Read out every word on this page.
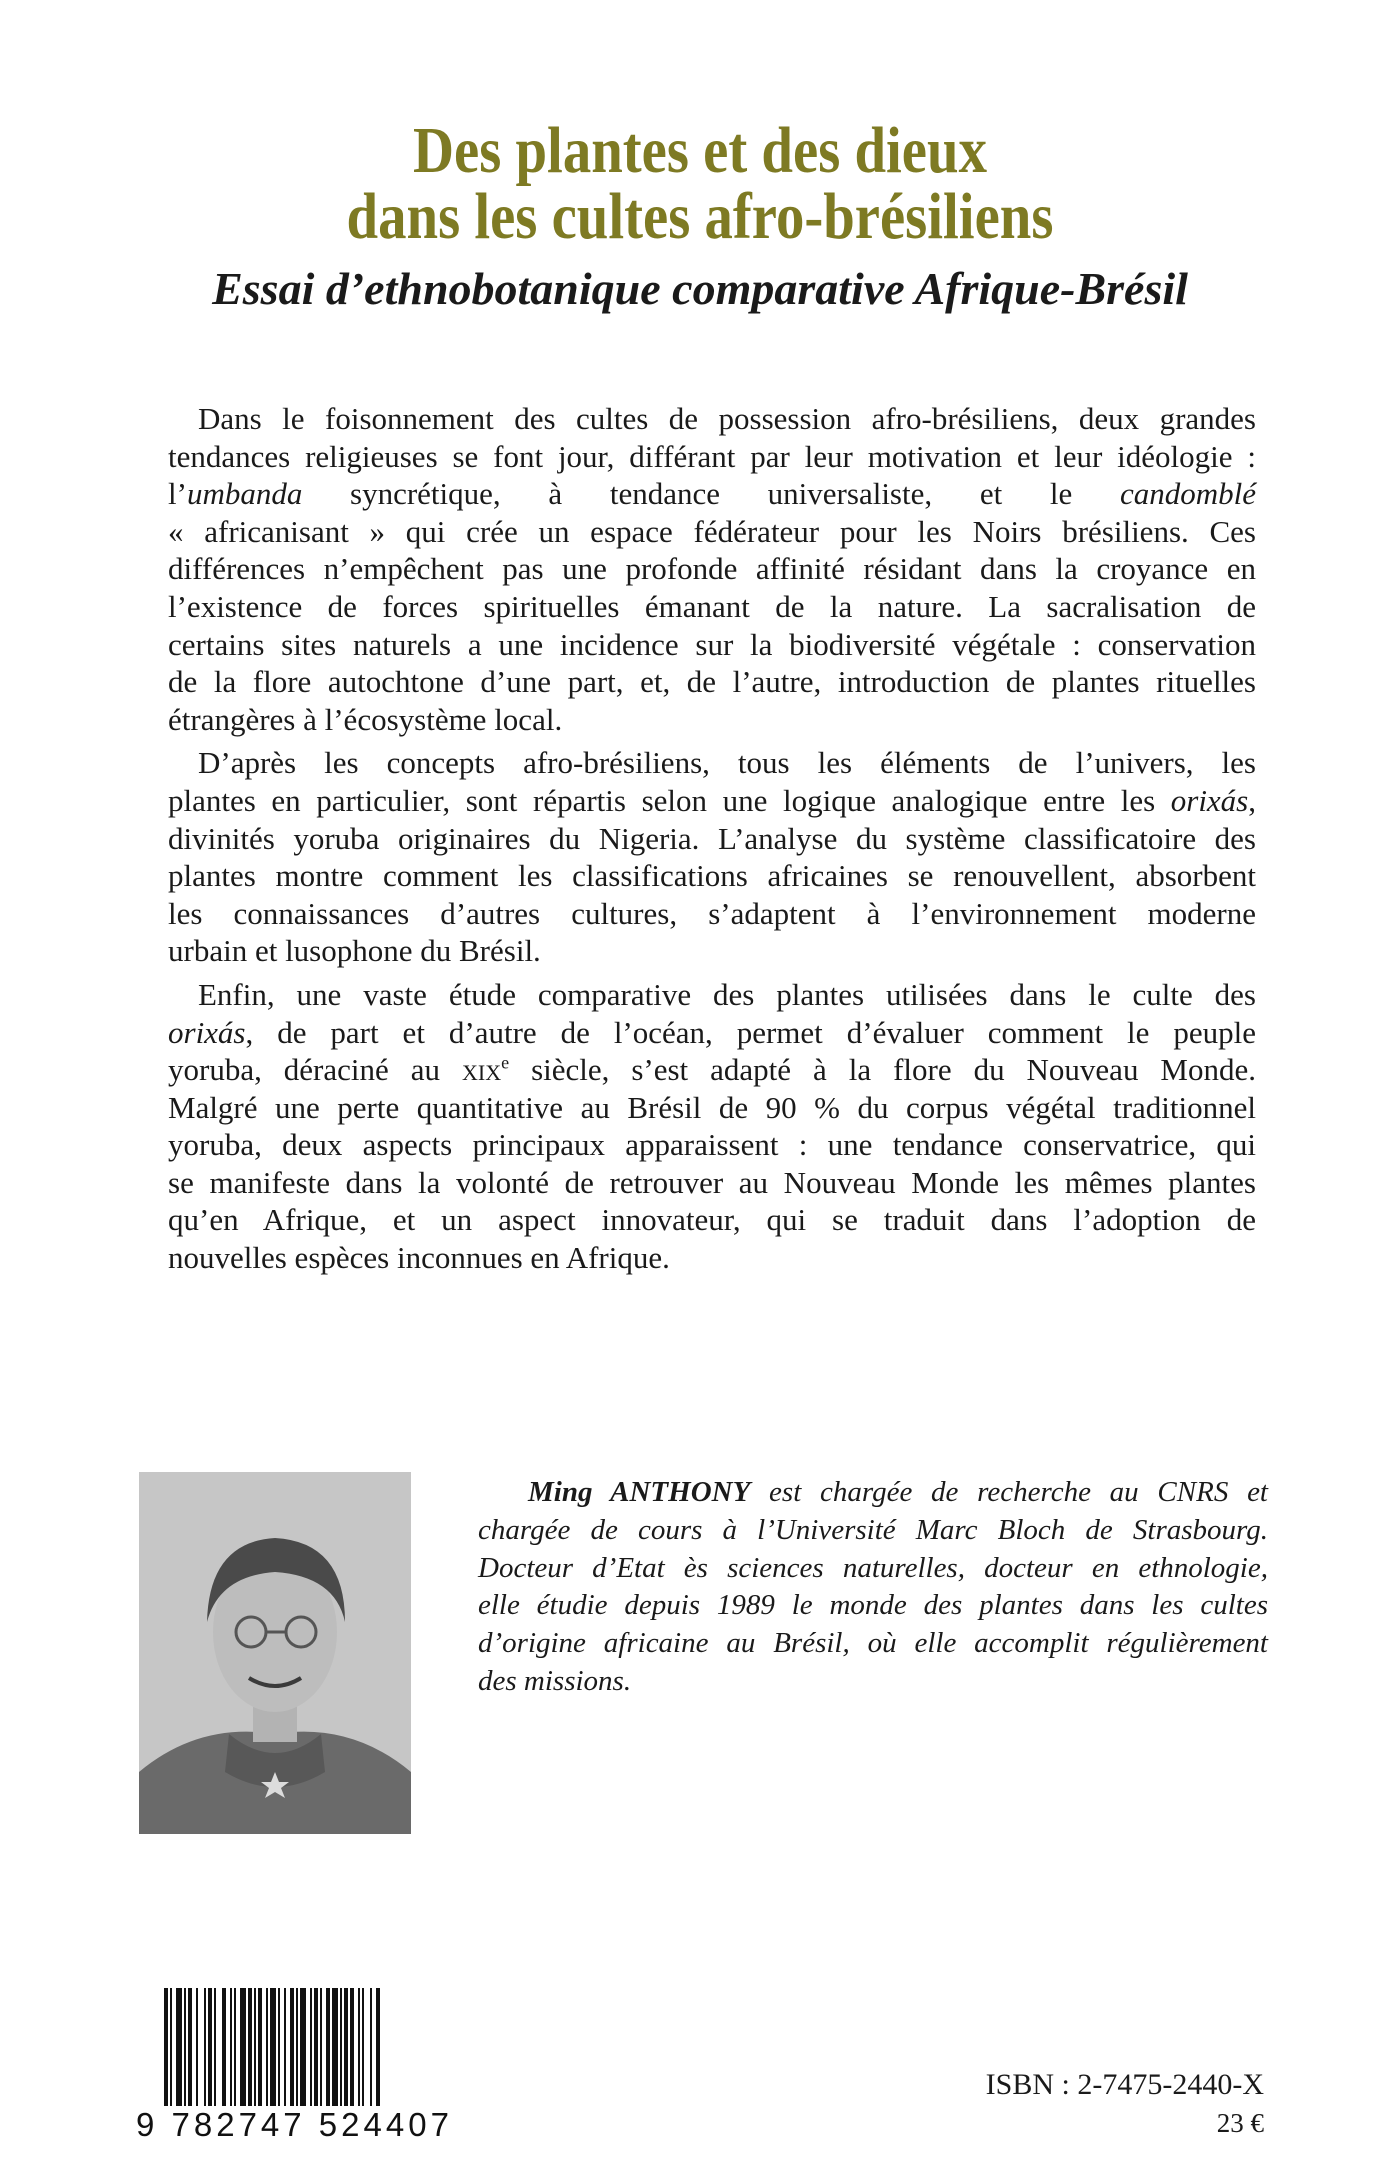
Des plantes et des dieux
dans les cultes afro-brésiliens
Essai d’ethnobotanique comparative Afrique-Brésil

Dans le foisonnement des cultes de possession afro-brésiliens, deux grandes
tendances religieuses se font jour, différant par leur motivation et leur idéologie :
l’umbanda syncrétique, à tendance universaliste, et le candomblé
« africanisant » qui crée un espace fédérateur pour les Noirs brésiliens. Ces
différences n’empêchent pas une profonde affinité résidant dans la croyance en
l’existence de forces spirituelles émanant de la nature. La sacralisation de
certains sites naturels a une incidence sur la biodiversité végétale : conservation
de la flore autochtone d’une part, et, de l’autre, introduction de plantes rituelles
étrangères à l’écosystème local.

D’après les concepts afro-brésiliens, tous les éléments de l’univers, les
plantes en particulier, sont répartis selon une logique analogique entre les orixás,
divinités yoruba originaires du Nigeria. L’analyse du système classificatoire des
plantes montre comment les classifications africaines se renouvellent, absorbent
les connaissances d’autres cultures, s’adaptent à l’environnement moderne
urbain et lusophone du Brésil.

Enfin, une vaste étude comparative des plantes utilisées dans le culte des
orixás, de part et d’autre de l’océan, permet d’évaluer comment le peuple
yoruba, déraciné au xix$^e$ siècle, s’est adapté à la flore du Nouveau Monde.
Malgré une perte quantitative au Brésil de 90 % du corpus végétal traditionnel
yoruba, deux aspects principaux apparaissent : une tendance conservatrice, qui
se manifeste dans la volonté de retrouver au Nouveau Monde les mêmes plantes
qu’en Afrique, et un aspect innovateur, qui se traduit dans l’adoption de
nouvelles espèces inconnues en Afrique.

Ming ANTHONY est chargée de recherche au CNRS et
chargée de cours à l’Université Marc Bloch de Strasbourg.
Docteur d’Etat ès sciences naturelles, docteur en ethnologie,
elle étudie depuis 1989 le monde des plantes dans les cultes
d’origine africaine au Brésil, où elle accomplit régulièrement
des missions.
9 782747 524407
ISBN : 2-7475-2440-X
23 €
